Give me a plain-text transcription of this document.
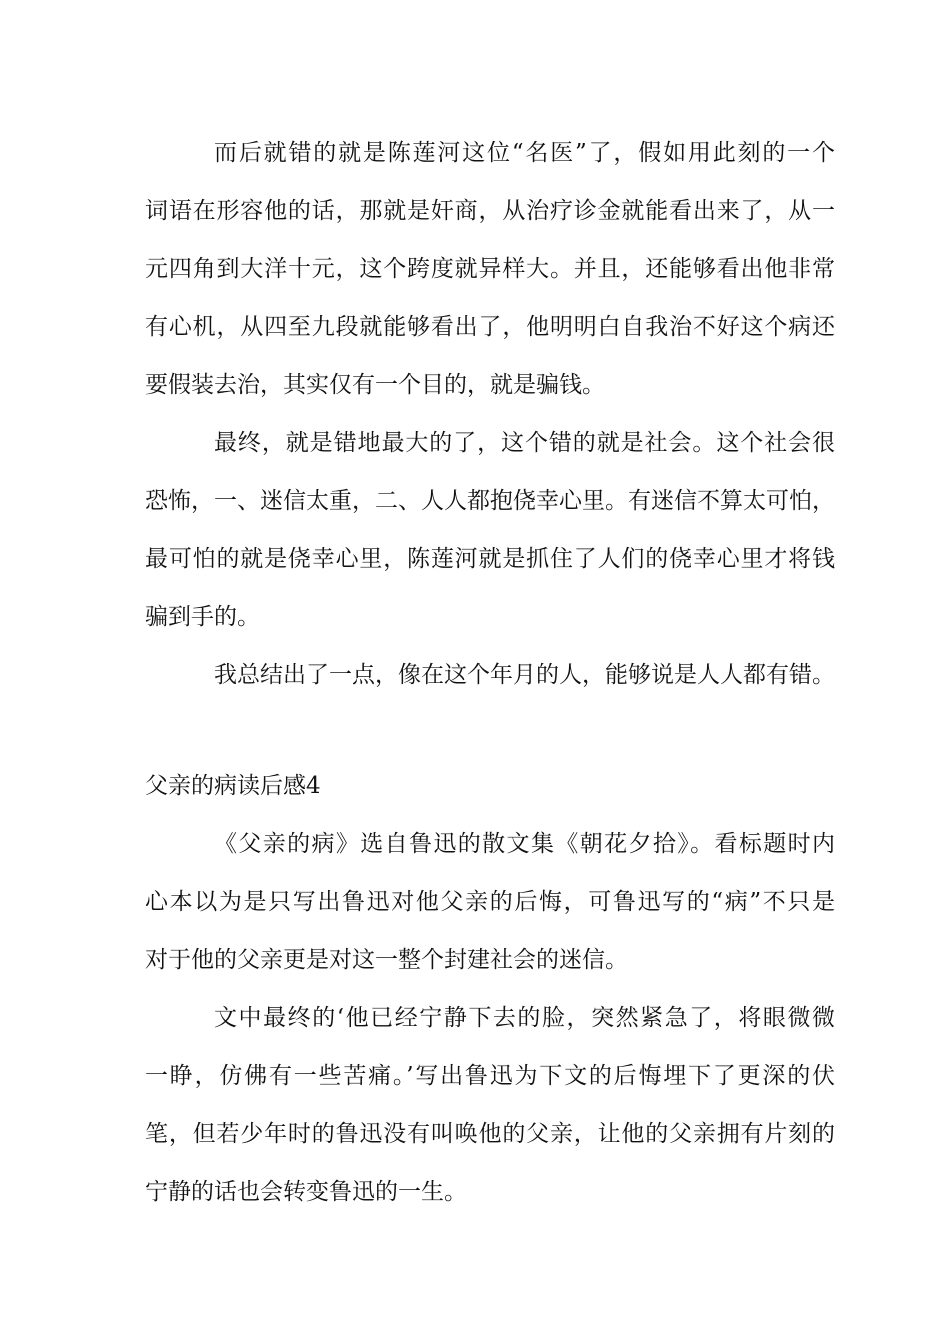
而后就错的就是陈莲河这位“名医”了，假如用此刻的一个
词语在形容他的话，那就是奸商，从治疗诊金就能看出来了，从一
元四角到大洋十元，这个跨度就异样大。并且，还能够看出他非常
有心机，从四至九段就能够看出了，他明明白自我治不好这个病还
要假装去治，其实仅有一个目的，就是骗钱。
最终，就是错地最大的了，这个错的就是社会。这个社会很
恐怖，一、迷信太重，二、人人都抱侥幸心里。有迷信不算太可怕，
最可怕的就是侥幸心里，陈莲河就是抓住了人们的侥幸心里才将钱
骗到手的。
我总结出了一点，像在这个年月的人，能够说是人人都有错。
父亲的病读后感4
《父亲的病》选自鲁迅的散文集《朝花夕拾》。看标题时内
心本以为是只写出鲁迅对他父亲的后悔，可鲁迅写的“病”不只是
对于他的父亲更是对这一整个封建社会的迷信。
文中最终的‘他已经宁静下去的脸，突然紧急了，将眼微微
一睁，仿佛有一些苦痛。’写出鲁迅为下文的后悔埋下了更深的伏
笔，但若少年时的鲁迅没有叫唤他的父亲，让他的父亲拥有片刻的
宁静的话也会转变鲁迅的一生。
